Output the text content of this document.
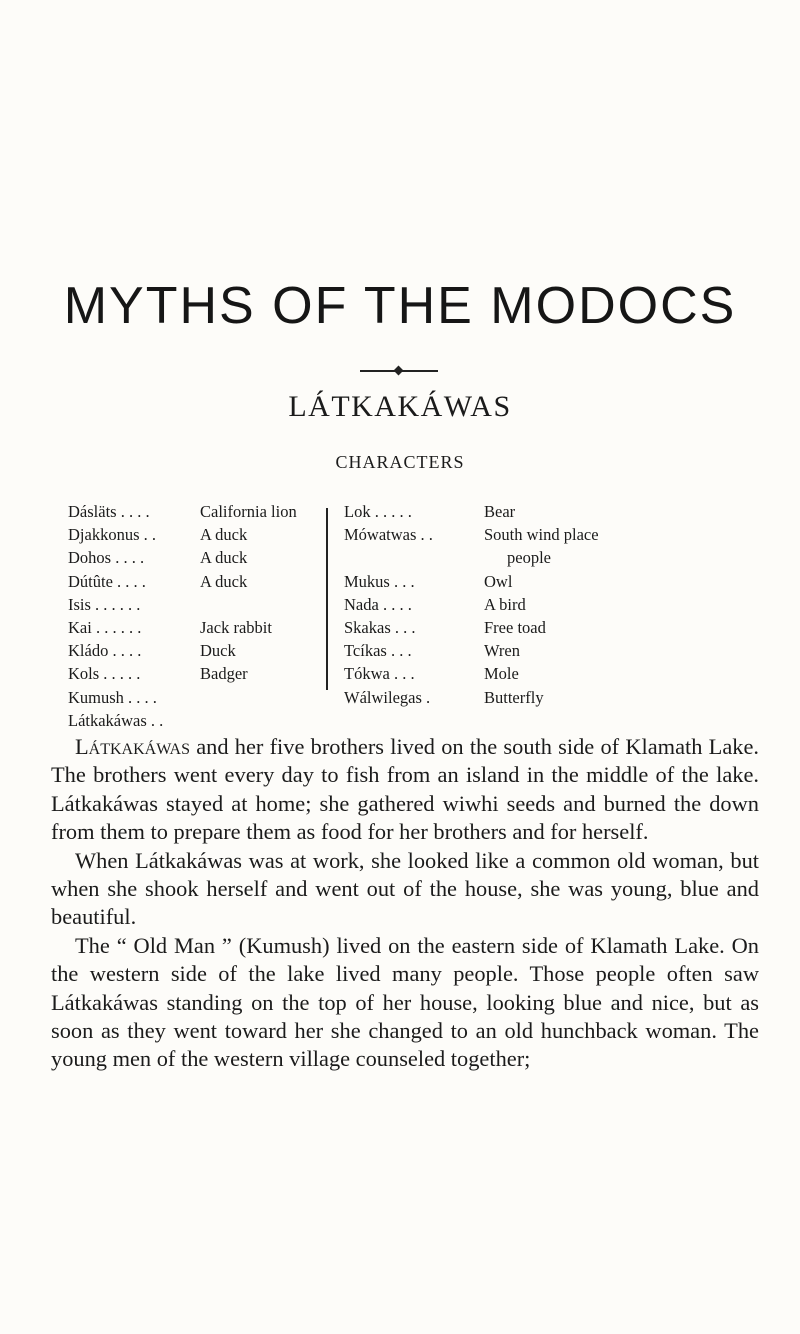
MYTHS OF THE MODOCS
LÁTKAKÁWAS
CHARACTERS
Dásläts . . . .	California lion
Djakkonus . .	A duck
Dohos . . . .	A duck
Dútûte . . . .	A duck
Isis . . . . . .
Kai . . . . . .	Jack rabbit
Kládo . . . .	Duck
Kols . . . . .	Badger
Kumush . . . .
Látkakáwas . .
Lok . . . . .	Bear
Mówatwas . .	South wind place
people
Mukus . . .	Owl
Nada . . . .	A bird
Skakas . . .	Free toad
Tcíkas . . .	Wren
Tókwa . . .	Mole
Wálwilegas .	Butterfly

Látkakáwas and her five brothers lived on the south side of Klamath Lake. The brothers went every day to fish from an island in the middle of the lake. Látkakáwas stayed at home; she gathered wiwhi seeds and burned the down from them to prepare them as food for her brothers and for herself.

When Látkakáwas was at work, she looked like a common old woman, but when she shook herself and went out of the house, she was young, blue and beautiful.

The “ Old Man ” (Kumush) lived on the eastern side of Klamath Lake. On the western side of the lake lived many people. Those people often saw Látkakáwas standing on the top of her house, looking blue and nice, but as soon as they went toward her she changed to an old hunchback woman. The young men of the western village counseled together;
